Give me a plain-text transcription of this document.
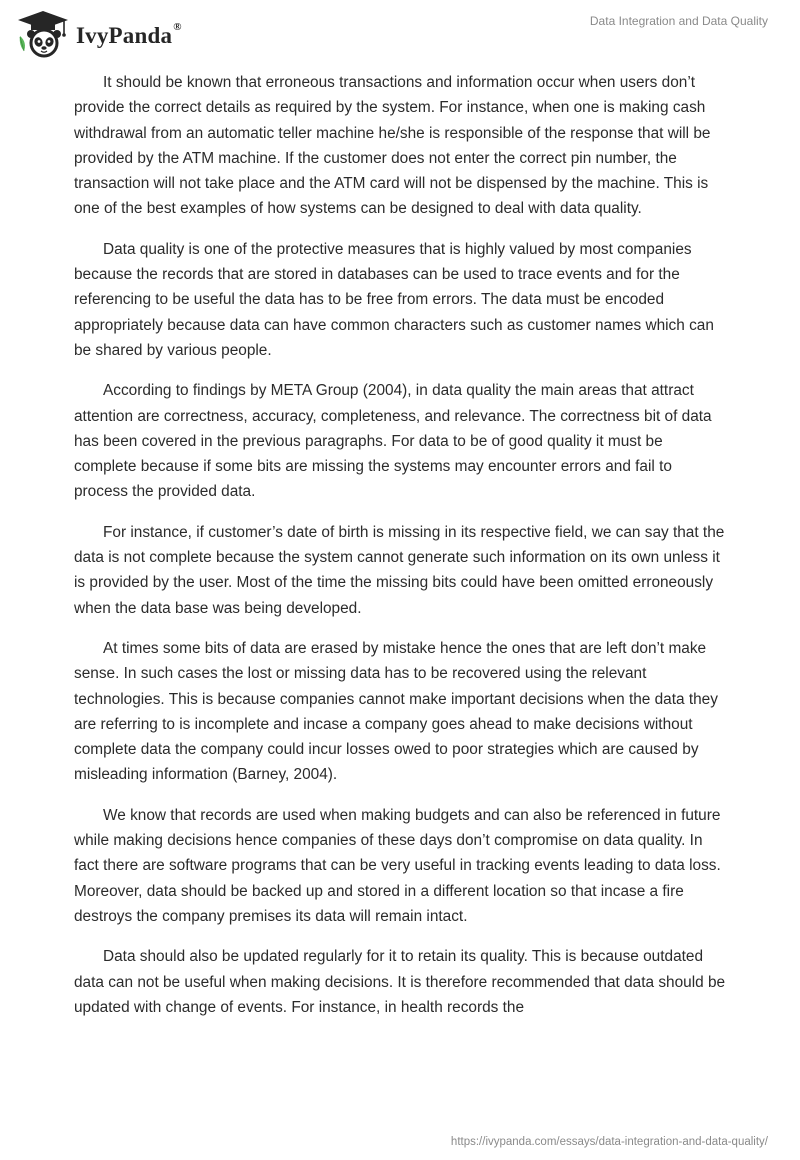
IvyPanda®	Data Integration and Data Quality

It should be known that erroneous transactions and information occur when users don’t provide the correct details as required by the system. For instance, when one is making cash withdrawal from an automatic teller machine he/she is responsible of the response that will be provided by the ATM machine. If the customer does not enter the correct pin number, the transaction will not take place and the ATM card will not be dispensed by the machine. This is one of the best examples of how systems can be designed to deal with data quality.

Data quality is one of the protective measures that is highly valued by most companies because the records that are stored in databases can be used to trace events and for the referencing to be useful the data has to be free from errors. The data must be encoded appropriately because data can have common characters such as customer names which can be shared by various people.

According to findings by META Group (2004), in data quality the main areas that attract attention are correctness, accuracy, completeness, and relevance. The correctness bit of data has been covered in the previous paragraphs. For data to be of good quality it must be complete because if some bits are missing the systems may encounter errors and fail to process the provided data.

For instance, if customer’s date of birth is missing in its respective field, we can say that the data is not complete because the system cannot generate such information on its own unless it is provided by the user. Most of the time the missing bits could have been omitted erroneously when the data base was being developed.

At times some bits of data are erased by mistake hence the ones that are left don’t make sense. In such cases the lost or missing data has to be recovered using the relevant technologies. This is because companies cannot make important decisions when the data they are referring to is incomplete and incase a company goes ahead to make decisions without complete data the company could incur losses owed to poor strategies which are caused by misleading information (Barney, 2004).

We know that records are used when making budgets and can also be referenced in future while making decisions hence companies of these days don’t compromise on data quality. In fact there are software programs that can be very useful in tracking events leading to data loss. Moreover, data should be backed up and stored in a different location so that incase a fire destroys the company premises its data will remain intact.

Data should also be updated regularly for it to retain its quality. This is because outdated data can not be useful when making decisions. It is therefore recommended that data should be updated with change of events. For instance, in health records the

https://ivypanda.com/essays/data-integration-and-data-quality/
